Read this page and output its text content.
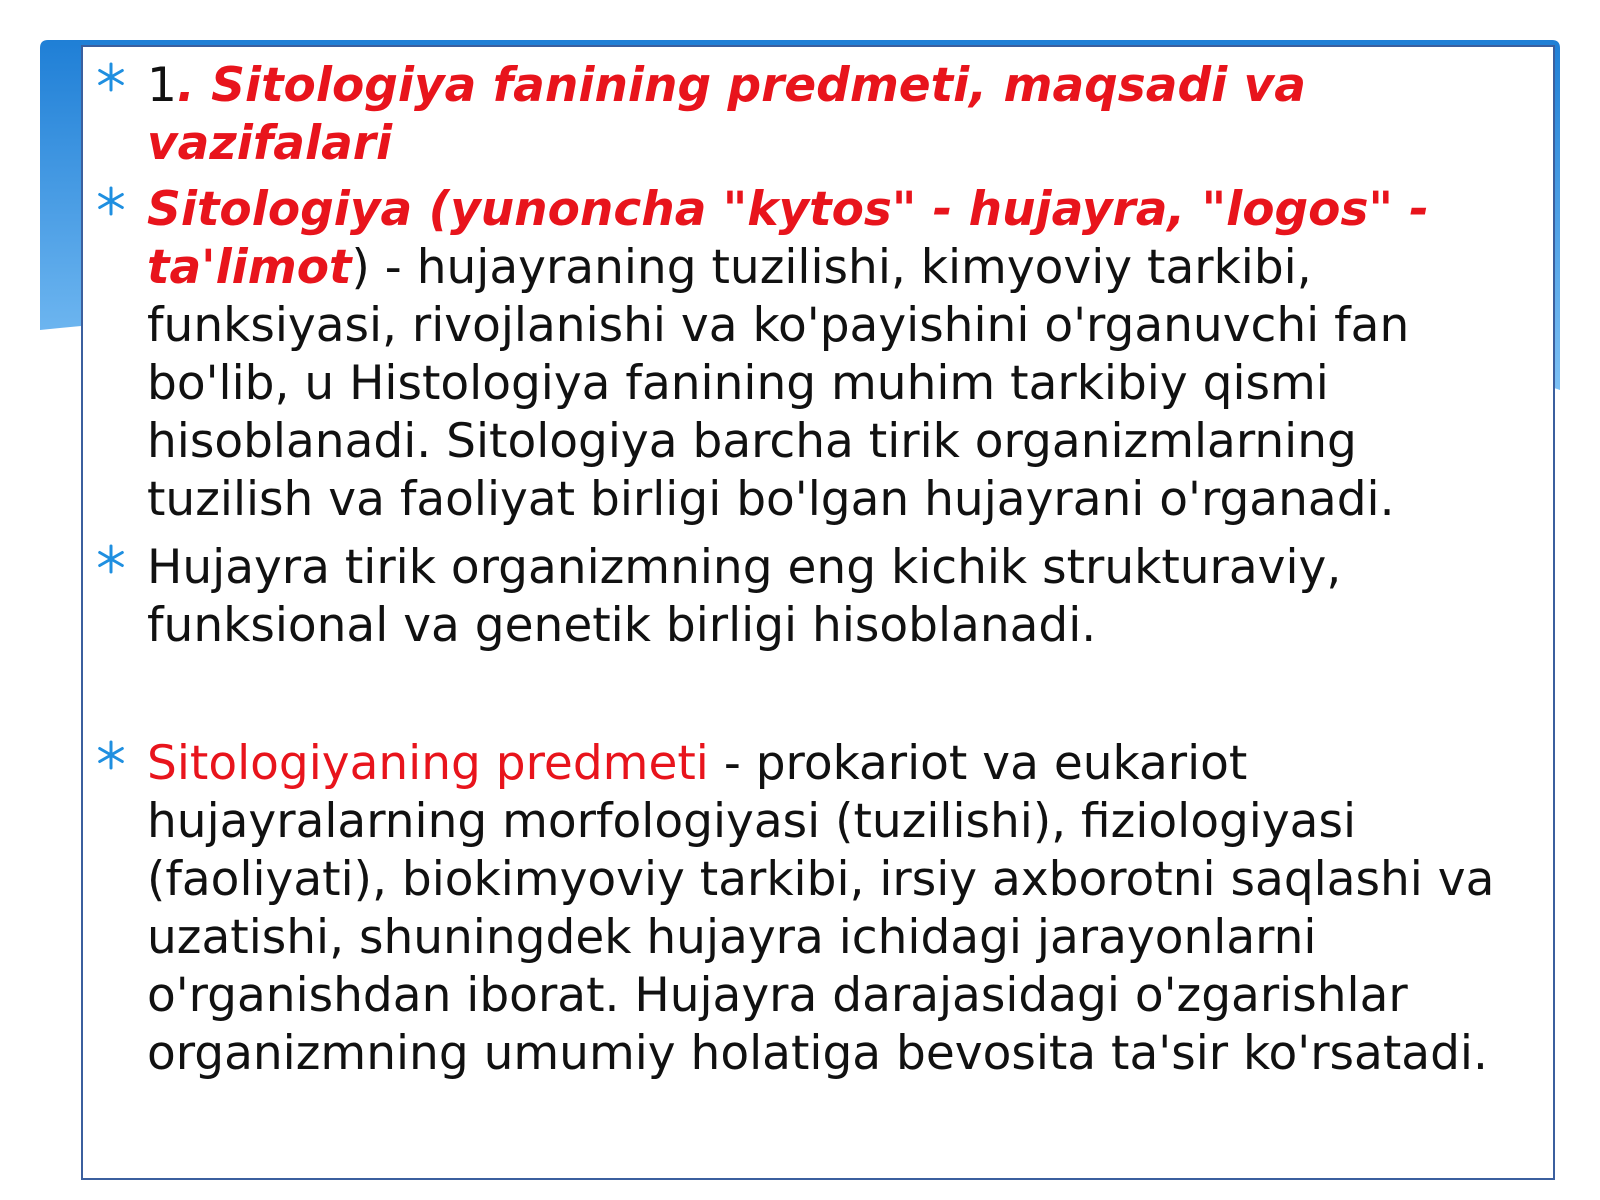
1. Sitologiya fanining predmeti, maqsadi va vazifalari
Sitologiya (yunoncha "kytos" - hujayra, "logos" - ta'limot) - hujayraning tuzilishi, kimyoviy tarkibi, funksiyasi, rivojlanishi va ko'payishini o'rganuvchi fan bo'lib, u Histologiya fanining muhim tarkibiy qismi hisoblanadi. Sitologiya barcha tirik organizmlarning tuzilish va faoliyat birligi bo'lgan hujayrani o'rganadi.
Hujayra tirik organizmning eng kichik strukturaviy, funksional va genetik birligi hisoblanadi.
Sitologiyaning predmeti - prokariot va eukariot hujayralarning morfologiyasi (tuzilishi), fiziologiyasi (faoliyati), biokimyoviy tarkibi, irsiy axborotni saqlashi va uzatishi, shuningdek hujayra ichidagi jarayonlarni o'rganishdan iborat. Hujayra darajasidagi o'zgarishlar organizmning umumiy holatiga bevosita ta'sir ko'rsatadi.
